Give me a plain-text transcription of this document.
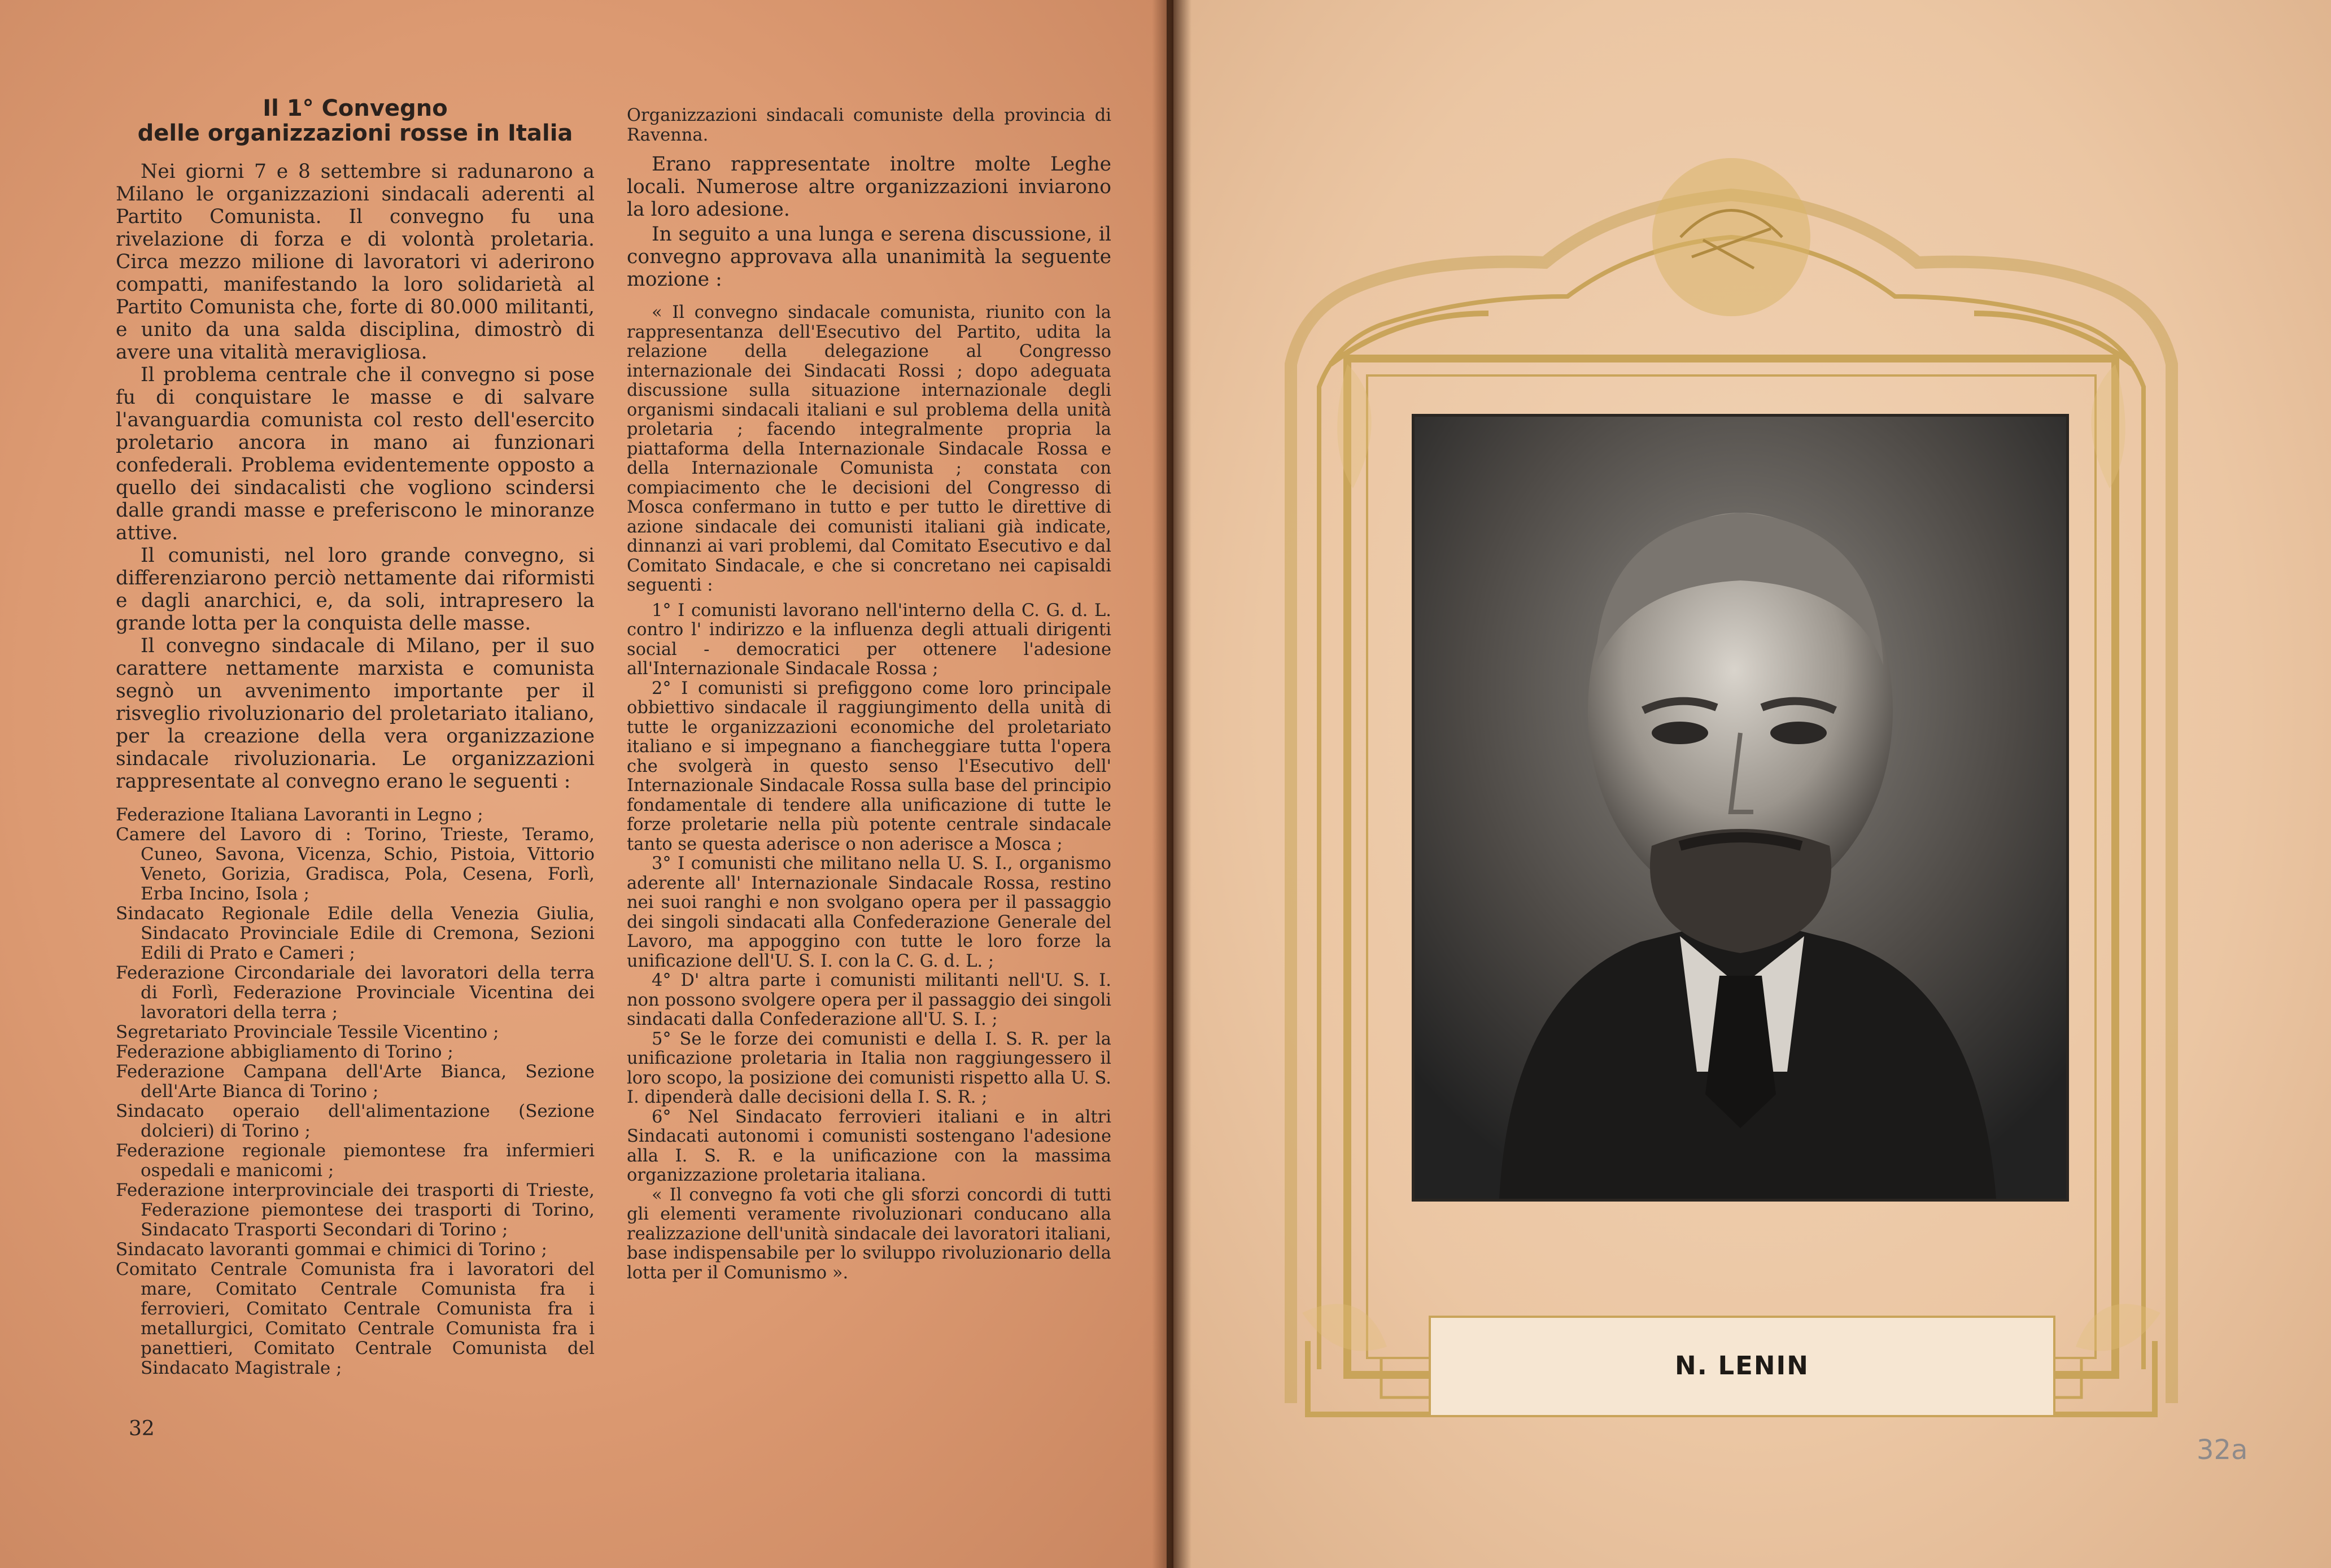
Il 1° Convegno
delle organizzazioni rosse in Italia

Nei giorni 7 e 8 settembre si radunarono a Milano le organizzazioni sindacali aderenti al Partito Comunista. Il convegno fu una rivelazione di forza e di volontà proletaria. Circa mezzo milione di lavoratori vi aderirono compatti, manifestando la loro solidarietà al Partito Comunista che, forte di 80.000 militanti, e unito da una salda disciplina, dimostrò di avere una vitalità meravigliosa.

Il problema centrale che il convegno si pose fu di conquistare le masse e di salvare l'avanguardia comunista col resto dell'esercito proletario ancora in mano ai funzionari confederali. Problema evidentemente opposto a quello dei sindacalisti che vogliono scindersi dalle grandi masse e preferiscono le minoranze attive.

Il comunisti, nel loro grande convegno, si differenziarono perciò nettamente dai riformisti e dagli anarchici, e, da soli, intrapresero la grande lotta per la conquista delle masse.

Il convegno sindacale di Milano, per il suo carattere nettamente marxista e comunista segnò un avvenimento importante per il risveglio rivoluzionario del proletariato italiano, per la creazione della vera organizzazione sindacale rivoluzionaria. Le organizzazioni rappresentate al convegno erano le seguenti :

Federazione Italiana Lavoranti in Legno ;
Camere del Lavoro di : Torino, Trieste, Teramo, Cuneo, Savona, Vicenza, Schio, Pistoia, Vittorio Veneto, Gorizia, Gradisca, Pola, Cesena, Forlì, Erba Incino, Isola ;
Sindacato Regionale Edile della Venezia Giulia, Sindacato Provinciale Edile di Cremona, Sezioni Edili di Prato e Cameri ;
Federazione Circondariale dei lavoratori della terra di Forlì, Federazione Provinciale Vicentina dei lavoratori della terra ;
Segretariato Provinciale Tessile Vicentino ;
Federazione abbigliamento di Torino ;
Federazione Campana dell'Arte Bianca, Sezione dell'Arte Bianca di Torino ;
Sindacato operaio dell'alimentazione (Sezione dolcieri) di Torino ;
Federazione regionale piemontese fra infermieri ospedali e manicomi ;
Federazione interprovinciale dei trasporti di Trieste, Federazione piemontese dei trasporti di Torino, Sindacato Trasporti Secondari di Torino ;
Sindacato lavoranti gommai e chimici di Torino ;
Comitato Centrale Comunista fra i lavoratori del mare, Comitato Centrale Comunista fra i ferrovieri, Comitato Centrale Comunista fra i metallurgici, Comitato Centrale Comunista fra i panettieri, Comitato Centrale Comunista del Sindacato Magistrale ;
32

Organizzazioni sindacali comuniste della provincia di Ravenna.

Erano rappresentate inoltre molte Leghe locali. Numerose altre organizzazioni inviarono la loro adesione.

In seguito a una lunga e serena discussione, il convegno approvava alla unanimità la seguente mozione :

« Il convegno sindacale comunista, riunito con la rappresentanza dell'Esecutivo del Partito, udita la relazione della delegazione al Congresso internazionale dei Sindacati Rossi ; dopo adeguata discussione sulla situazione internazionale degli organismi sindacali italiani e sul problema della unità proletaria ; facendo integralmente propria la piattaforma della Internazionale Sindacale Rossa e della Internazionale Comunista ; constata con compiacimento che le decisioni del Congresso di Mosca confermano in tutto e per tutto le direttive di azione sindacale dei comunisti italiani già indicate, dinnanzi ai vari problemi, dal Comitato Esecutivo e dal Comitato Sindacale, e che si concretano nei capisaldi seguenti :

1° I comunisti lavorano nell'interno della C. G. d. L. contro l' indirizzo e la influenza degli attuali dirigenti social - democratici per ottenere l'adesione all'Internazionale Sindacale Rossa ;

2° I comunisti si prefiggono come loro principale obbiettivo sindacale il raggiungimento della unità di tutte le organizzazioni economiche del proletariato italiano e si impegnano a fiancheggiare tutta l'opera che svolgerà in questo senso l'Esecutivo dell' Internazionale Sindacale Rossa sulla base del principio fondamentale di tendere alla unificazione di tutte le forze proletarie nella più potente centrale sindacale tanto se questa aderisce o non aderisce a Mosca ;

3° I comunisti che militano nella U. S. I., organismo aderente all' Internazionale Sindacale Rossa, restino nei suoi ranghi e non svolgano opera per il passaggio dei singoli sindacati alla Confederazione Generale del Lavoro, ma appoggino con tutte le loro forze la unificazione dell'U. S. I. con la C. G. d. L. ;

4° D' altra parte i comunisti militanti nell'U. S. I. non possono svolgere opera per il passaggio dei singoli sindacati dalla Confederazione all'U. S. I. ;

5° Se le forze dei comunisti e della I. S. R. per la unificazione proletaria in Italia non raggiungessero il loro scopo, la posizione dei comunisti rispetto alla U. S. I. dipenderà dalle decisioni della I. S. R. ;

6° Nel Sindacato ferrovieri italiani e in altri Sindacati autonomi i comunisti sostengano l'adesione alla I. S. R. e la unificazione con la massima organizzazione proletaria italiana.

« Il convegno fa voti che gli sforzi concordi di tutti gli elementi veramente rivoluzionari conducano alla realizzazione dell'unità sindacale dei lavoratori italiani, base indispensabile per lo sviluppo rivoluzionario della lotta per il Comunismo ».

N. LENIN
32a
